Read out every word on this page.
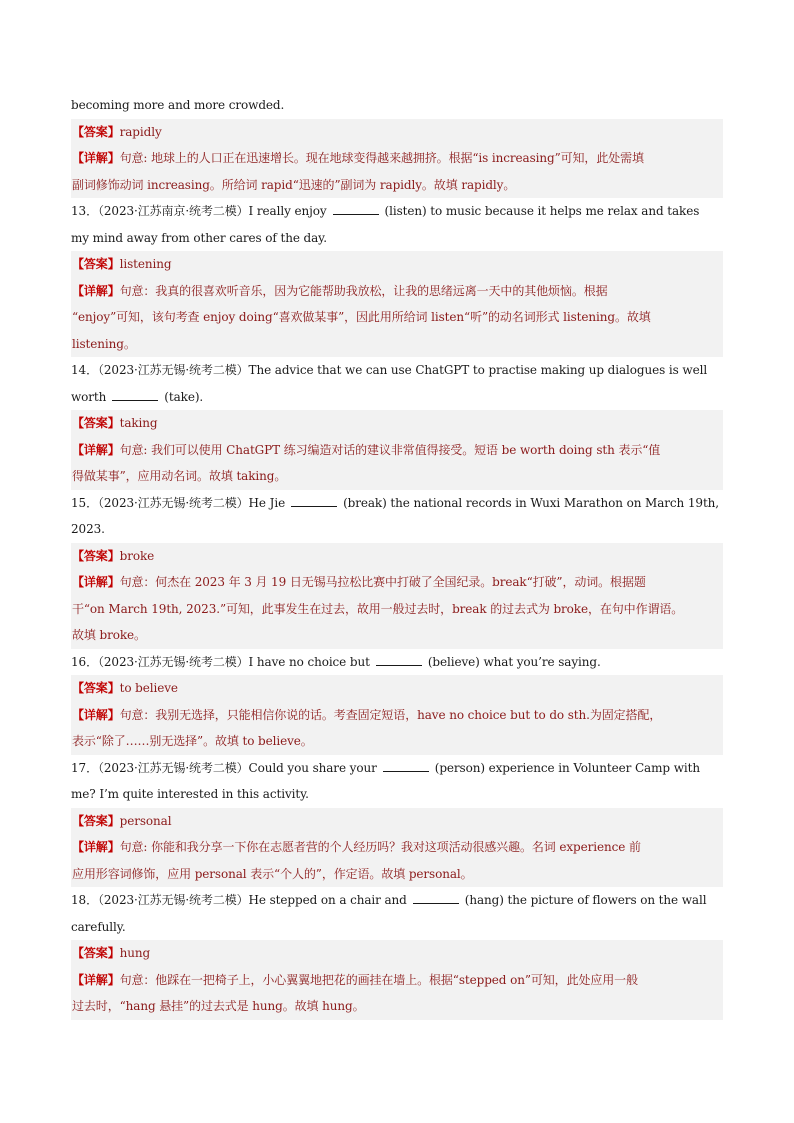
becoming more and more crowded.
【答案】rapidly
【详解】句意: 地球上的人口正在迅速增长。现在地球变得越来越拥挤。根据“is increasing”可知，此处需填
副词修饰动词 increasing。所给词 rapid“迅速的”副词为 rapidly。故填 rapidly。
13．（2023·江苏南京·统考二模）I really enjoy	(listen) to music because it helps me relax and takes
my mind away from other cares of the day.
【答案】listening
【详解】句意：我真的很喜欢听音乐，因为它能帮助我放松，让我的思绪远离一天中的其他烦恼。根据
“enjoy”可知，该句考查 enjoy doing“喜欢做某事”，因此用所给词 listen“听”的动名词形式 listening。故填
listening。
14．（2023·江苏无锡·统考二模）The advice that we can use ChatGPT to practise making up dialogues is well
worth	(take).
【答案】taking
【详解】句意: 我们可以使用 ChatGPT 练习编造对话的建议非常值得接受。短语 be worth doing sth 表示“值
得做某事”，应用动名词。故填 taking。
15．（2023·江苏无锡·统考二模）He Jie	(break) the national records in Wuxi Marathon on March 19th,
2023.
【答案】broke
【详解】句意：何杰在 2023 年 3 月 19 日无锡马拉松比赛中打破了全国纪录。break“打破”，动词。根据题
干“on March 19th, 2023.”可知，此事发生在过去，故用一般过去时，break 的过去式为 broke，在句中作谓语。
故填 broke。
16．（2023·江苏无锡·统考二模）I have no choice but	(believe) what you’re saying.
【答案】to believe
【详解】句意：我别无选择，只能相信你说的话。考查固定短语，have no choice but to do sth.为固定搭配，
表示“除了……别无选择”。故填 to believe。
17．（2023·江苏无锡·统考二模）Could you share your	(person) experience in Volunteer Camp with
me? I’m quite interested in this activity.
【答案】personal
【详解】句意: 你能和我分享一下你在志愿者营的个人经历吗？我对这项活动很感兴趣。名词 experience 前
应用形容词修饰，应用 personal 表示“个人的”，作定语。故填 personal。
18．（2023·江苏无锡·统考二模）He stepped on a chair and	(hang) the picture of flowers on the wall
carefully.
【答案】hung
【详解】句意：他踩在一把椅子上，小心翼翼地把花的画挂在墙上。根据“stepped on”可知，此处应用一般
过去时，“hang 悬挂”的过去式是 hung。故填 hung。
